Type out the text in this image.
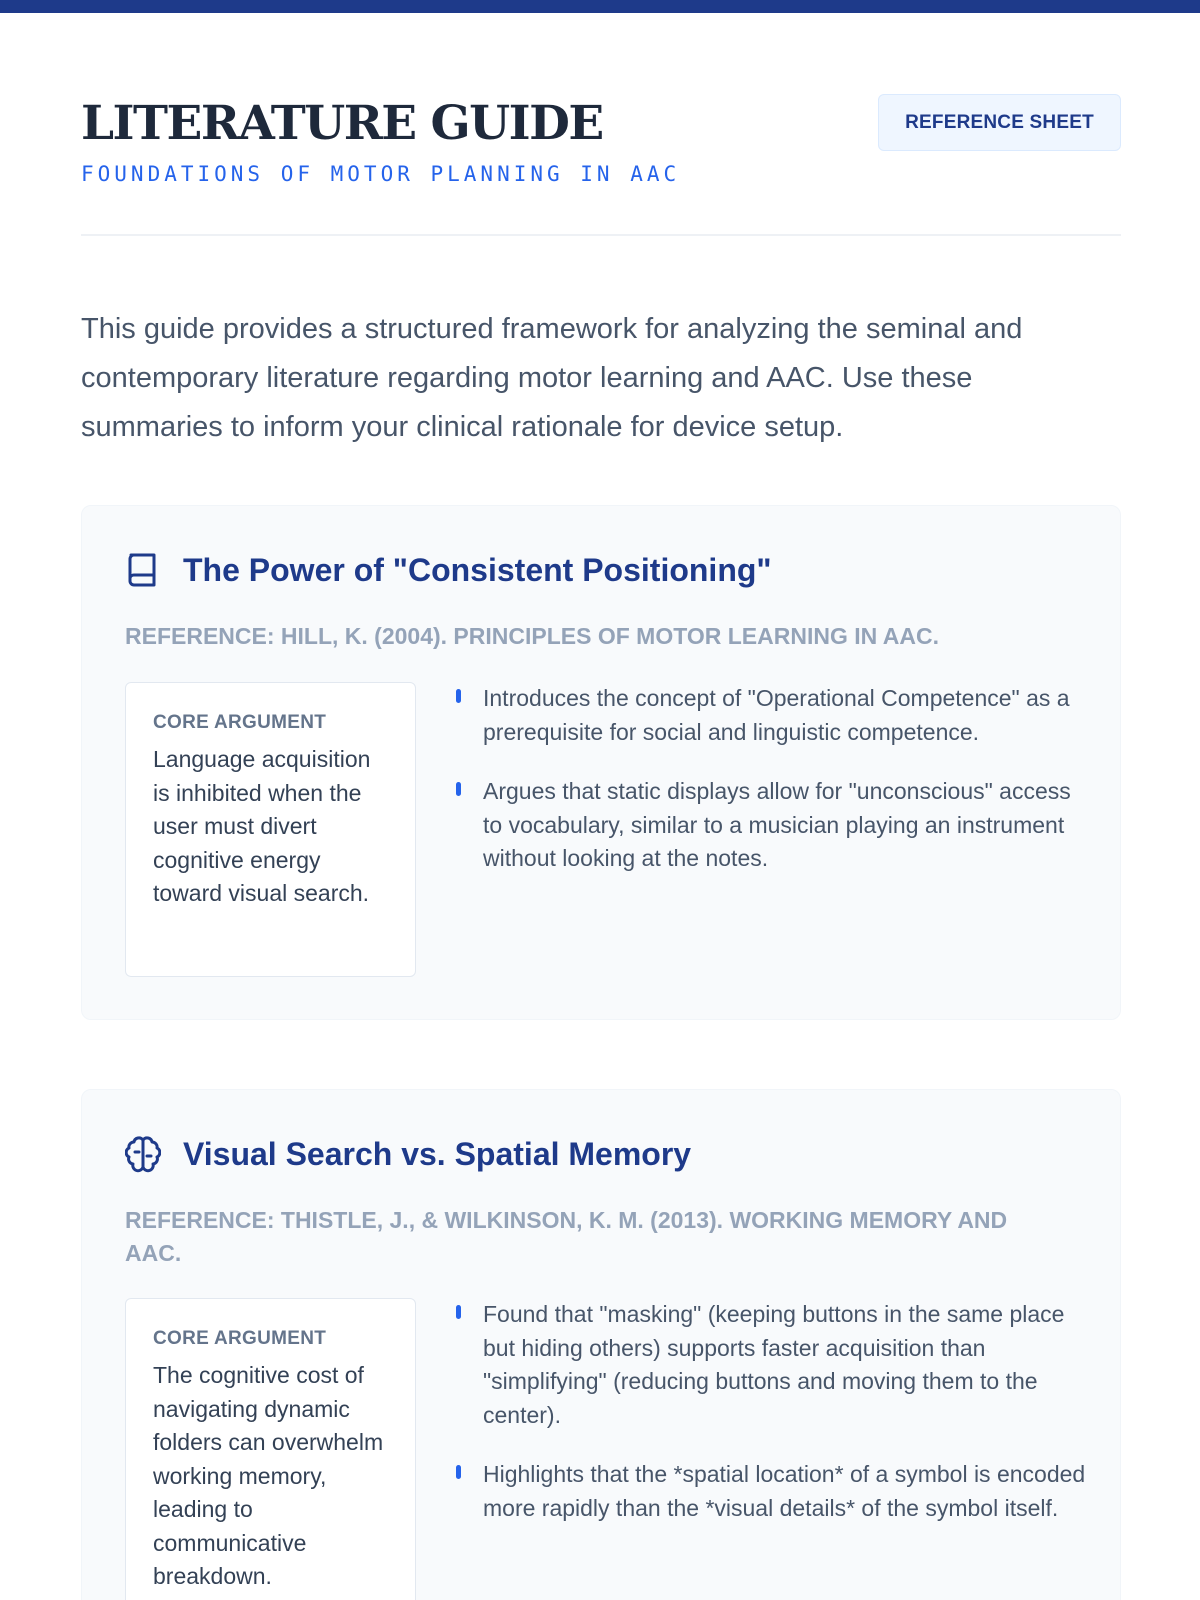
LITERATURE GUIDE
FOUNDATIONS OF MOTOR PLANNING IN AAC
REFERENCE SHEET

This guide provides a structured framework for analyzing the seminal and contemporary literature regarding motor learning and AAC. Use these summaries to inform your clinical rationale for device setup.

The Power of "Consistent Positioning"
REFERENCE: HILL, K. (2004). PRINCIPLES OF MOTOR LEARNING IN AAC.
CORE ARGUMENT
Language acquisition is inhibited when the user must divert cognitive energy toward visual search.
Introduces the concept of "Operational Competence" as a prerequisite for social and linguistic competence.
Argues that static displays allow for "unconscious" access to vocabulary, similar to a musician playing an instrument without looking at the notes.
Visual Search vs. Spatial Memory
REFERENCE: THISTLE, J., & WILKINSON, K. M. (2013). WORKING MEMORY AND AAC.
CORE ARGUMENT
The cognitive cost of navigating dynamic folders can overwhelm working memory, leading to communicative breakdown.
Found that "masking" (keeping buttons in the same place but hiding others) supports faster acquisition than "simplifying" (reducing buttons and moving them to the center).
Highlights that the *spatial location* of a symbol is encoded more rapidly than the *visual details* of the symbol itself.
